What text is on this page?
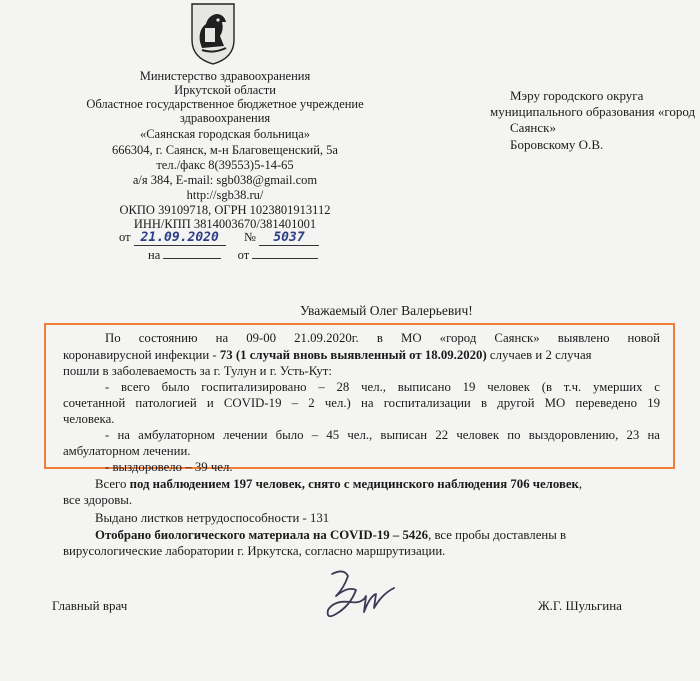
Министерство здравоохранения
Иркутской области
Областное государственное бюджетное учреждение
здравоохранения
«Саянская городская больница»
666304, г. Саянск, м-н Благовещенский, 5а
тел./факс 8(39553)5-14-65
а/я 384, E-mail: sgb038@gmail.com
http://sgb38.ru/
ОКПО 39109718, ОГРН 1023801913112
ИНН/КПП 3814003670/381401001
от 21.09.2020 № 5037
на	от
Мэру городского округа
муниципального образования «город
Саянск»
Боровскому О.В.
Уважаемый Олег Валерьевич!
По состоянию на 09-00 21.09.2020г. в МО «город Саянск» выявлено новой
коронавирусной инфекции - 73 (1 случай вновь выявленный от 18.09.2020) случаев и 2 случая
пошли в заболеваемость за г. Тулун и г. Усть-Кут:
- всего было госпитализировано – 28 чел., выписано 19 человек (в т.ч. умерших с
сочетанной патологией и COVID-19 – 2 чел.) на госпитализации в другой МО переведено 19
человека.
- на амбулаторном лечении было – 45 чел., выписан 22 человек по выздоровлению, 23 на
амбулаторном лечении.
- выздоровело – 39 чел.
Всего под наблюдением 197 человек, снято с медицинского наблюдения 706 человек,
все здоровы.
Выдано листков нетрудоспособности - 131
Отобрано биологического материала на COVID-19 – 5426, все пробы доставлены в
вирусологические лаборатории г. Иркутска, согласно маршрутизации.
Главный врач	Ж.Г. Шульгина
